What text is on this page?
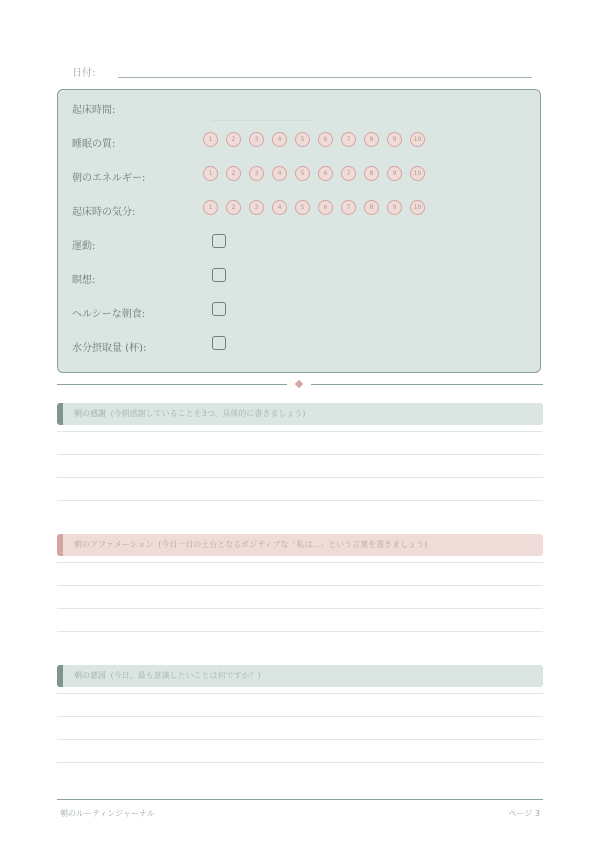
日付:
起床時間:
睡眠の質:	1	2	3	4	5	6	7	8	9	10
朝のエネルギー:	1	2	3	4	5	6	7	8	9	10
起床時の気分:	1	2	3	4	5	6	7	8	9	10
運動:
瞑想:
ヘルシーな朝食:
水分摂取量 (杯):
朝の感謝 (今朝感謝していることを3つ、具体的に書きましょう)
朝のアファメーション (今日一日の土台となるポジティブな「私は...」という言葉を書きましょう)
朝の意図 (今日、最も意識したいことは何ですか？)
朝のルーティンジャーナル	ページ 3
